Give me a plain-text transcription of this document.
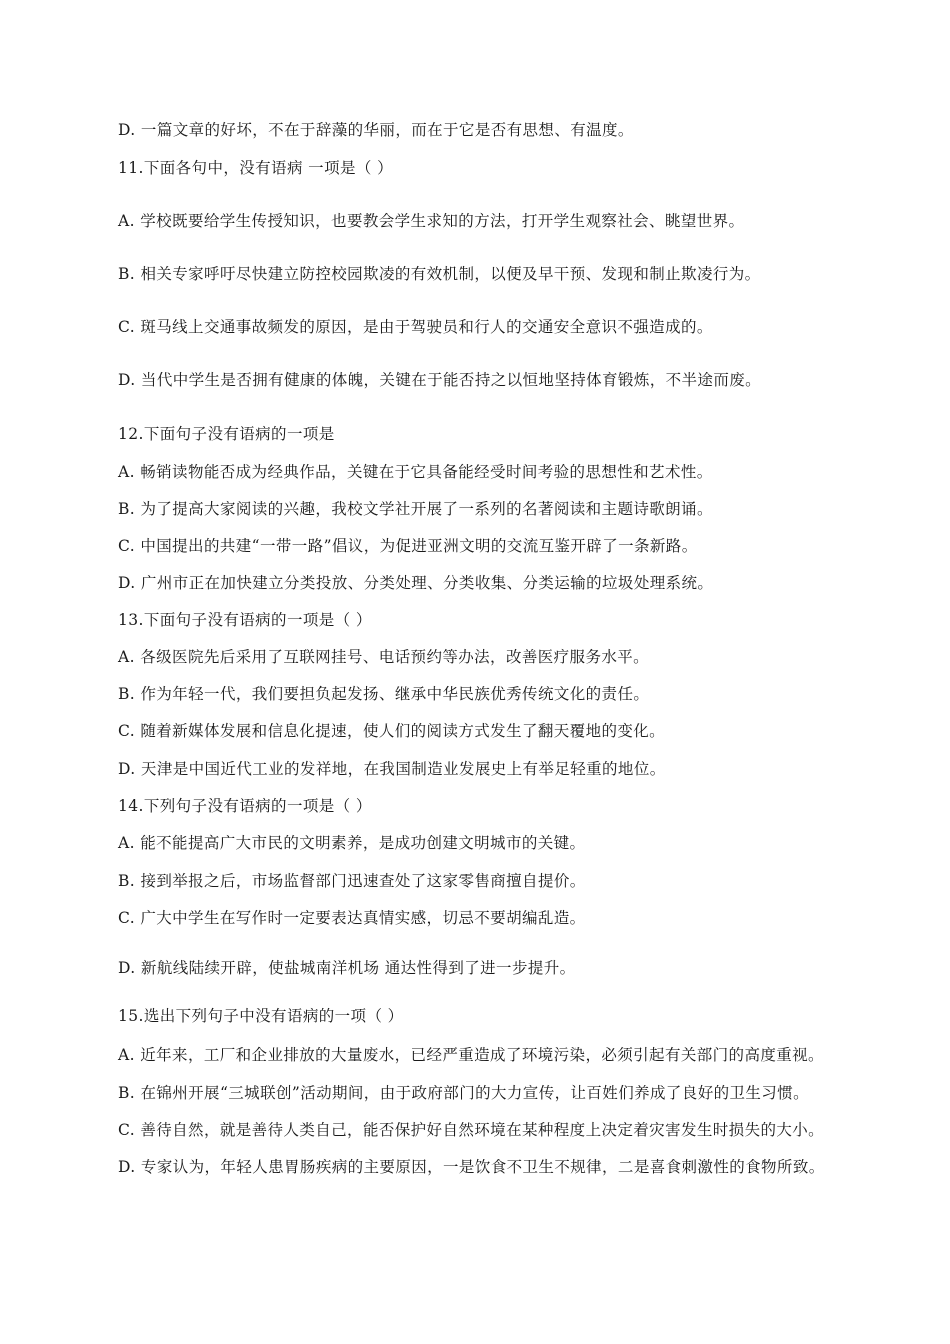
D. 一篇文章的好坏，不在于辞藻的华丽，而在于它是否有思想、有温度。
11.下面各句中，没有语病 一项是（ ）
A. 学校既要给学生传授知识，也要教会学生求知的方法，打开学生观察社会、眺望世界。
B. 相关专家呼吁尽快建立防控校园欺凌的有效机制，以便及早干预、发现和制止欺凌行为。
C. 斑马线上交通事故频发的原因，是由于驾驶员和行人的交通安全意识不强造成的。
D. 当代中学生是否拥有健康的体魄，关键在于能否持之以恒地坚持体育锻炼，不半途而废。
12.下面句子没有语病的一项是
A. 畅销读物能否成为经典作品，关键在于它具备能经受时间考验的思想性和艺术性。
B. 为了提高大家阅读的兴趣，我校文学社开展了一系列的名著阅读和主题诗歌朗诵。
C. 中国提出的共建“一带一路”倡议，为促进亚洲文明的交流互鉴开辟了一条新路。
D. 广州市正在加快建立分类投放、分类处理、分类收集、分类运输的垃圾处理系统。
13.下面句子没有语病的一项是（ ）
A. 各级医院先后采用了互联网挂号、电话预约等办法，改善医疗服务水平。
B. 作为年轻一代，我们要担负起发扬、继承中华民族优秀传统文化的责任。
C. 随着新媒体发展和信息化提速，使人们的阅读方式发生了翻天覆地的变化。
D. 天津是中国近代工业的发祥地，在我国制造业发展史上有举足轻重的地位。
14.下列句子没有语病的一项是（ ）
A. 能不能提高广大市民的文明素养，是成功创建文明城市的关键。
B. 接到举报之后，市场监督部门迅速查处了这家零售商擅自提价。
C. 广大中学生在写作时一定要表达真情实感，切忌不要胡编乱造。
D. 新航线陆续开辟，使盐城南洋机场 通达性得到了进一步提升。
15.选出下列句子中没有语病的一项（ ）
A. 近年来，工厂和企业排放的大量废水，已经严重造成了环境污染，必须引起有关部门的高度重视。
B. 在锦州开展“三城联创”活动期间，由于政府部门的大力宣传，让百姓们养成了良好的卫生习惯。
C. 善待自然，就是善待人类自己，能否保护好自然环境在某种程度上决定着灾害发生时损失的大小。
D. 专家认为，年轻人患胃肠疾病的主要原因，一是饮食不卫生不规律，二是喜食刺激性的食物所致。
